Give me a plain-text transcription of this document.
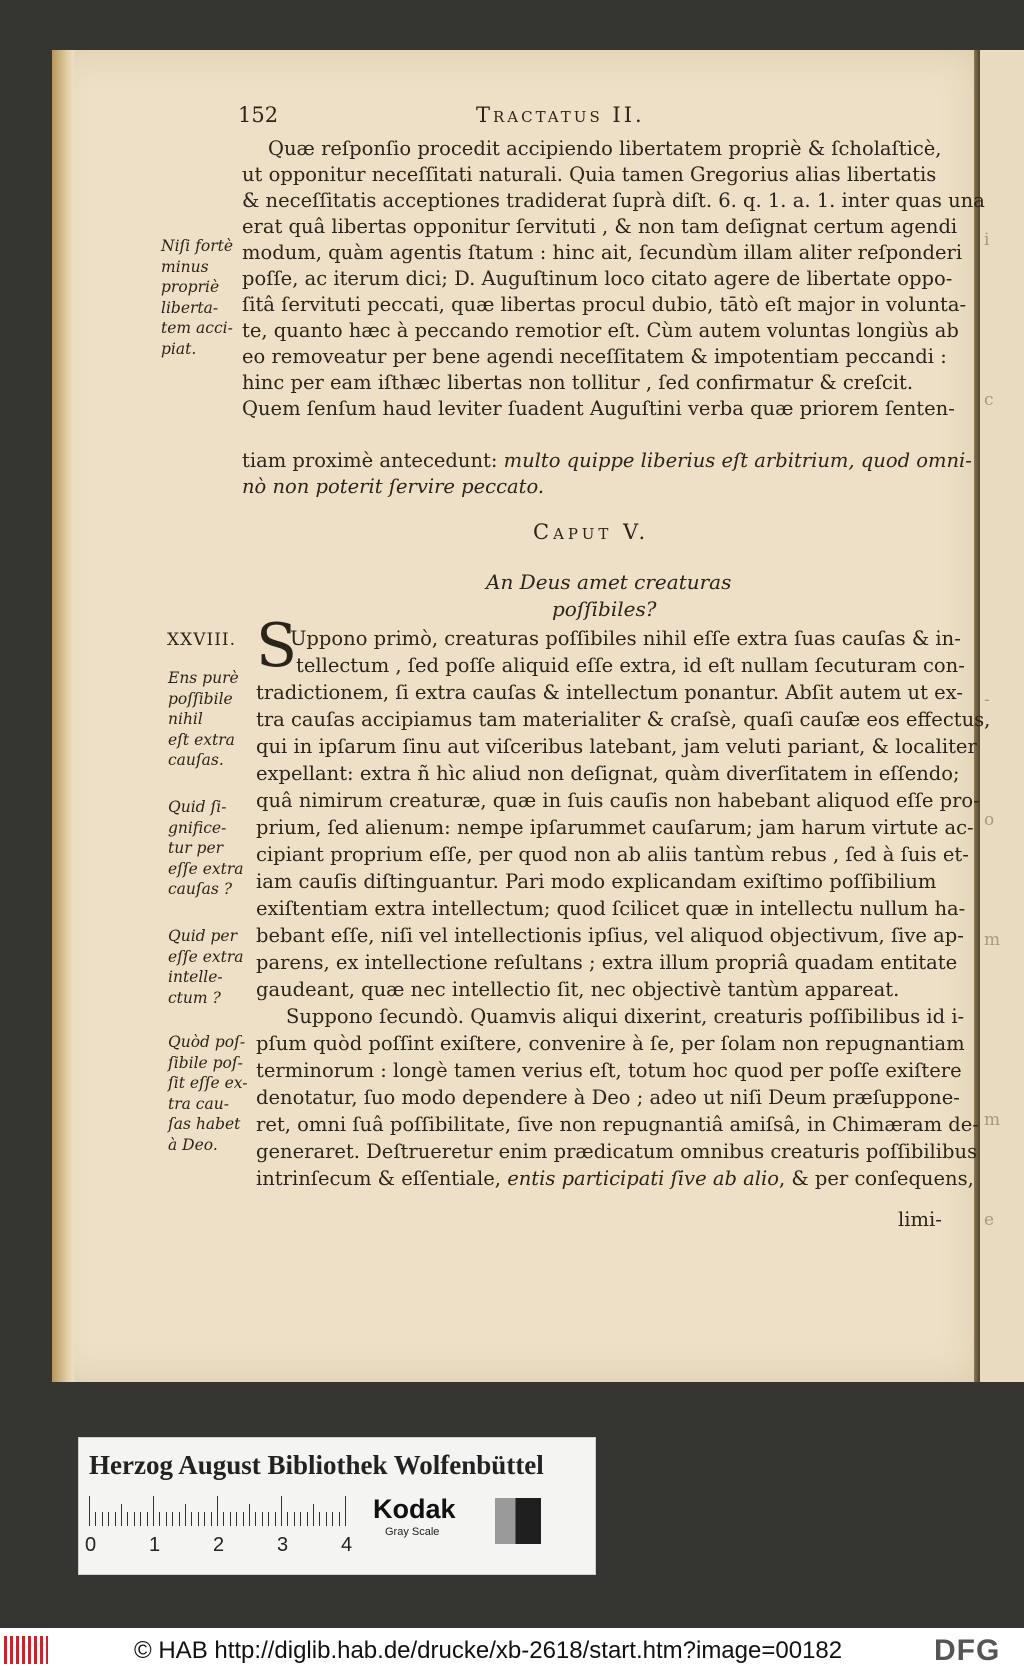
i
c
-
o
m
m
e
152	Tractatus II.
Quæ reſponſio procedit accipiendo libertatem propriè & ſcholaſticè,
ut opponitur neceſſitati naturali. Quia tamen Gregorius alias libertatis
& neceſſitatis acceptiones tradiderat ſuprà diſt. 6. q. 1. a. 1. inter quas una
erat quâ libertas opponitur ſervituti , & non tam deſignat certum agendi
modum, quàm agentis ſtatum : hinc ait, ſecundùm illam aliter reſponderi
poſſe, ac iterum dici; D. Auguſtinum loco citato agere de libertate oppo-
ſitâ ſervituti peccati, quæ libertas procul dubio, tātò eſt major in volunta-
te, quanto hæc à peccando remotior eſt. Cùm autem voluntas longiùs ab
eo removeatur per bene agendi neceſſitatem & impotentiam peccandi :
hinc per eam iſthæc libertas non tollitur , ſed confirmatur & creſcit.
Quem ſenſum haud leviter ſuadent Auguſtini verba quæ priorem ſenten-
tiam proximè antecedunt: multo quippe liberius eſt arbitrium, quod omni-
nò non poterit ſervire peccato.
Niſi fortè
minus
propriè
liberta-
tem acci-
piat.
Caput V.
An Deus amet creaturas
poſſibiles?
XXVIII. S
Uppono primò, creaturas poſſibiles nihil eſſe extra ſuas cauſas & in-
tellectum , ſed poſſe aliquid eſſe extra, id eſt nullam ſecuturam con-
tradictionem, ſi extra cauſas & intellectum ponantur. Abſit autem ut ex-
tra cauſas accipiamus tam materialiter & craſsè, quaſi cauſæ eos effectus,
qui in ipſarum ſinu aut viſceribus latebant, jam veluti pariant, & localiter
expellant: extra ñ hìc aliud non deſignat, quàm diverſitatem in eſſendo;
quâ nimirum creaturæ, quæ in ſuis cauſis non habebant aliquod eſſe pro-
prium, ſed alienum: nempe ipſarummet cauſarum; jam harum virtute ac-
cipiant proprium eſſe, per quod non ab aliis tantùm rebus , ſed à ſuis et-
iam cauſis diſtinguantur. Pari modo explicandam exiſtimo poſſibilium
exiſtentiam extra intellectum; quod ſcilicet quæ in intellectu nullum ha-
bebant eſſe, niſi vel intellectionis ipſius, vel aliquod objectivum, ſive ap-
parens, ex intellectione reſultans ; extra illum propriâ quadam entitate
gaudeant, quæ nec intellectio ſit, nec objectivè tantùm appareat.
Suppono ſecundò. Quamvis aliqui dixerint, creaturis poſſibilibus id i-
pſum quòd poſſint exiſtere, convenire à ſe, per ſolam non repugnantiam
terminorum : longè tamen verius eſt, totum hoc quod per poſſe exiſtere
denotatur, ſuo modo dependere à Deo ; adeo ut niſi Deum præſuppone-
ret, omni ſuâ poſſibilitate, ſive non repugnantiâ amiſsâ, in Chimæram de-
generaret. Deſtrueretur enim prædicatum omnibus creaturis poſſibilibus
intrinſecum & eſſentiale, entis participati ſive ab alio, & per conſequens,
limi-
Ens purè
poſſibile
nihil
eſt extra
cauſas.
Quid ſi-
gnifice-
tur per
eſſe extra
cauſas ?
Quid per
eſſe extra
intelle-
ctum ?
Quòd poſ-
ſibile poſ-
ſit eſſe ex-
tra cau-
ſas habet
à Deo.
Herzog August Bibliothek Wolfenbüttel
0	1	2	3	4
Kodak
Gray Scale
© HAB http://diglib.hab.de/drucke/xb-2618/start.htm?image=00182	DFG
